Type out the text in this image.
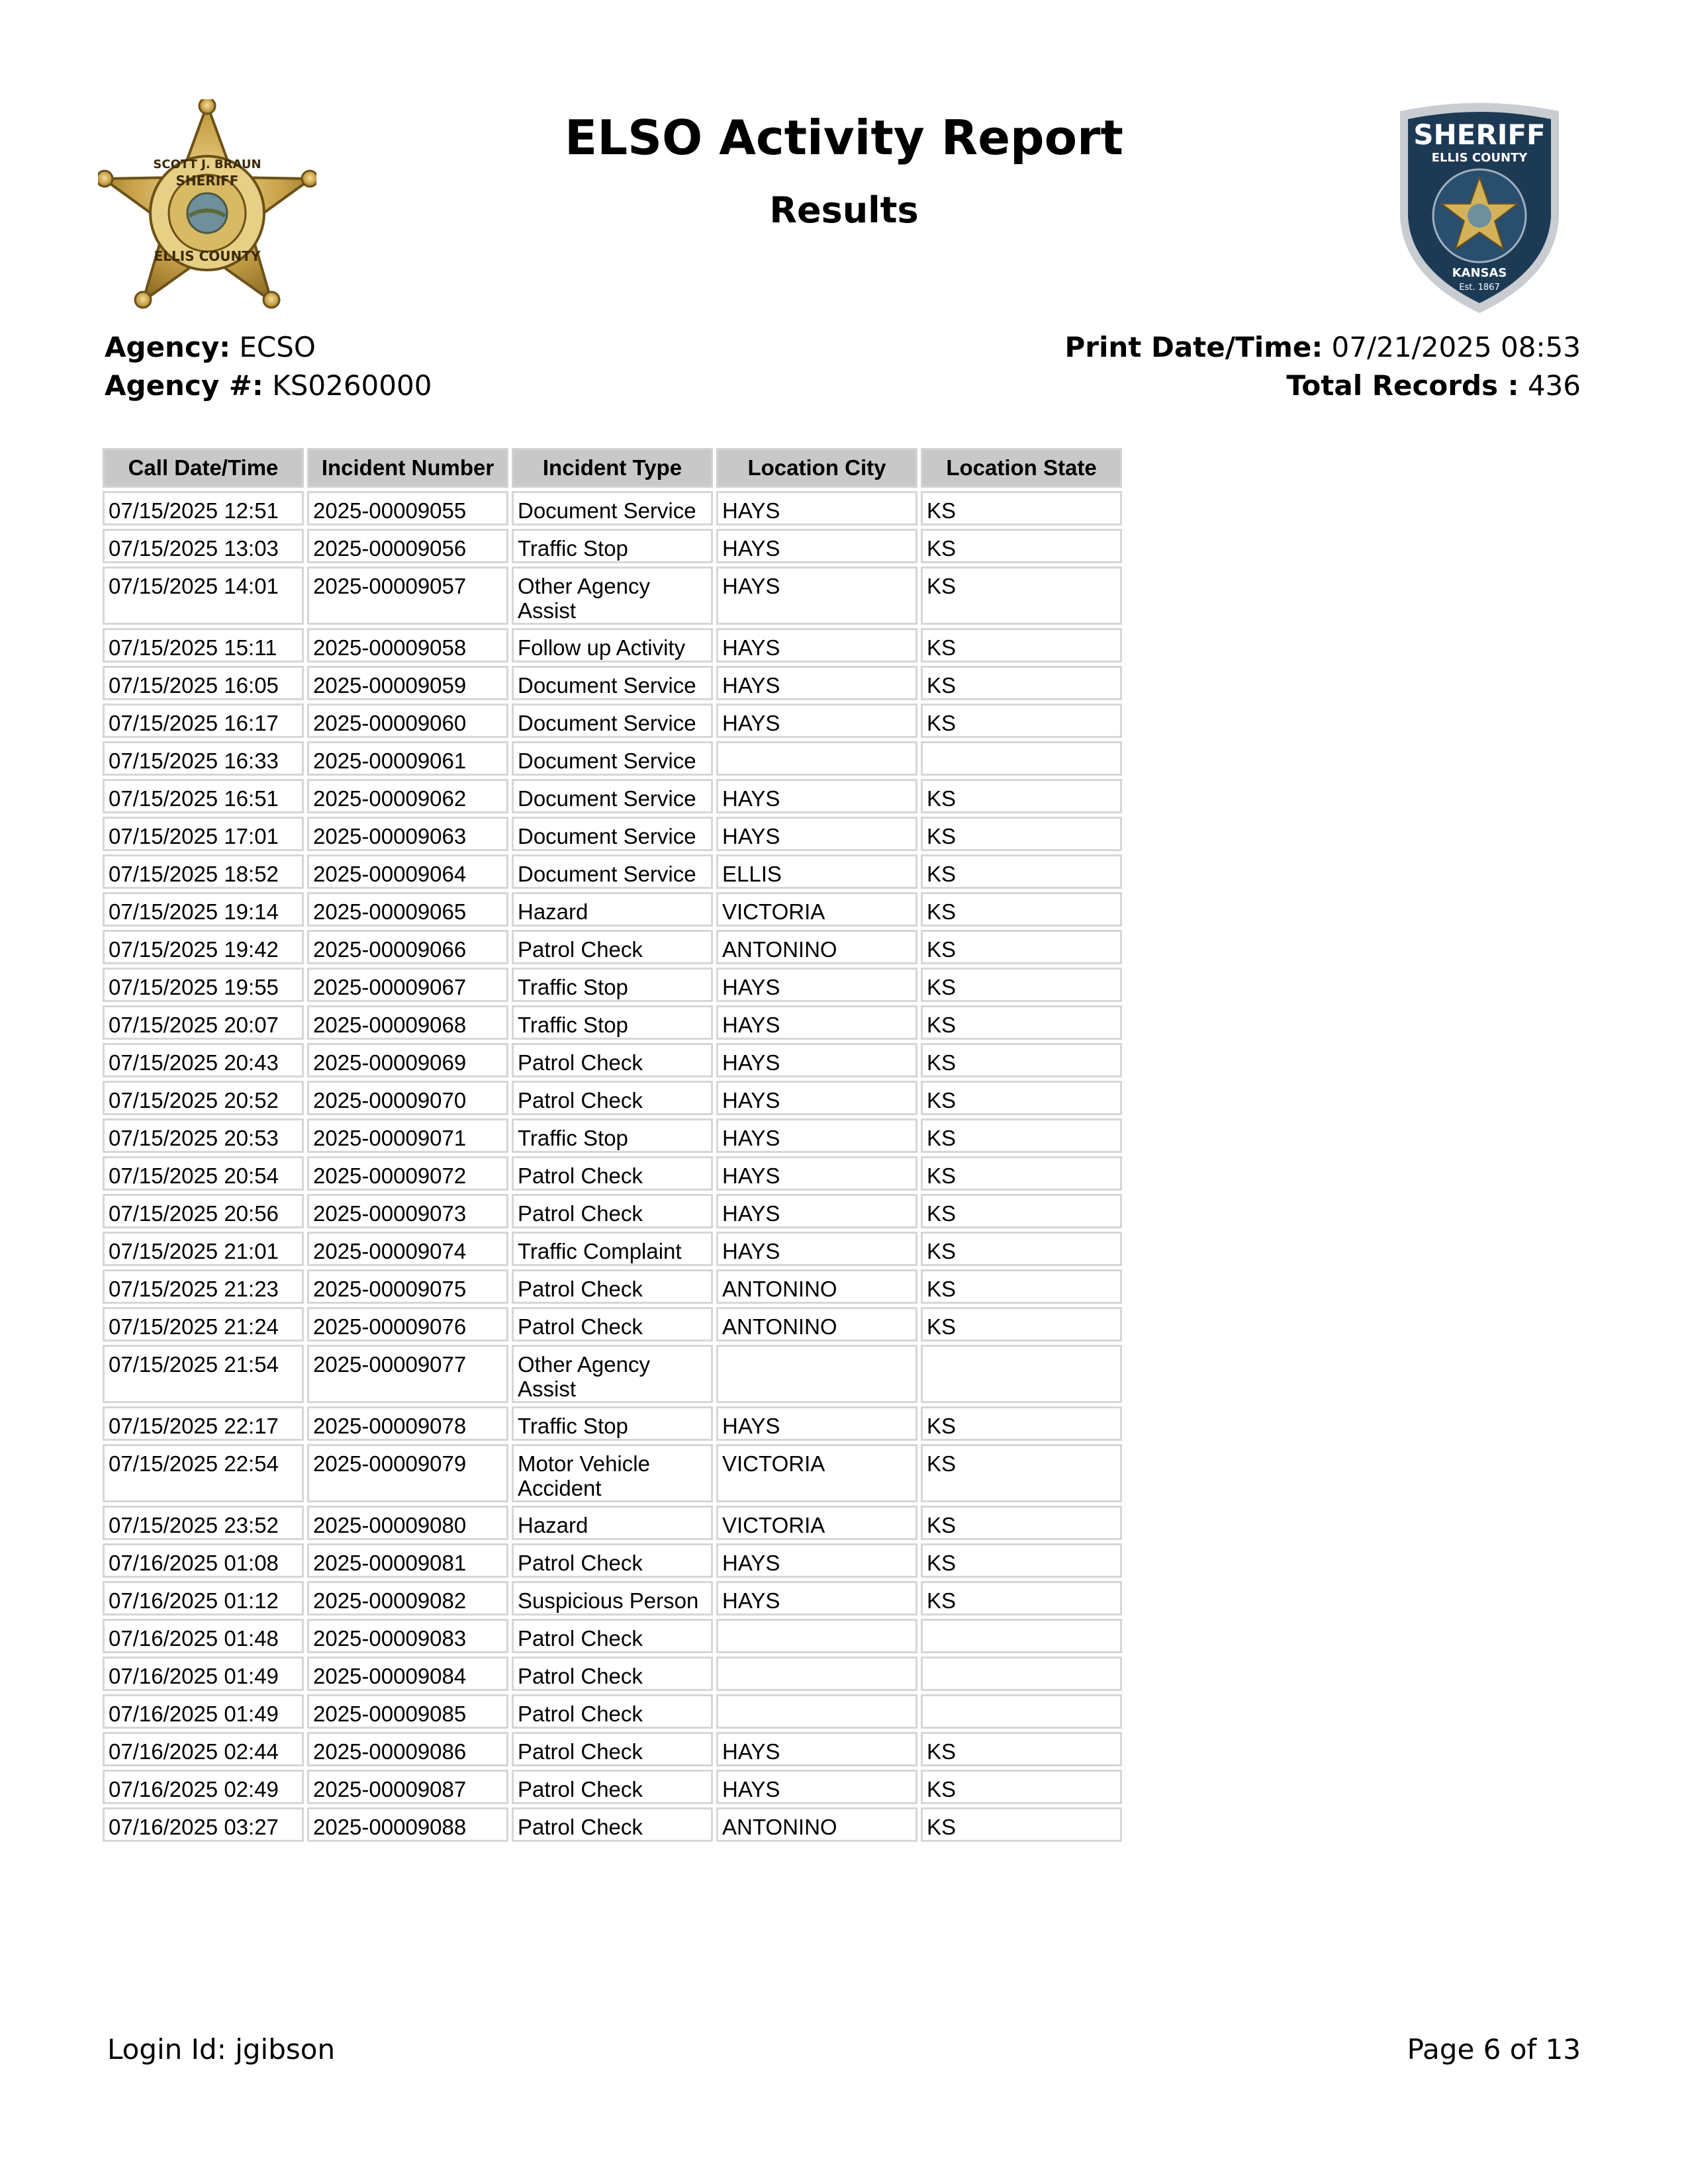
SCOTT J. BRAUN
SHERIFF
ELLIS COUNTY
SHERIFF
ELLIS COUNTY
KANSAS
Est. 1867
ELSO Activity Report
Results
Agency: ECSO
Agency #: KS0260000
Print Date/Time: 07/21/2025 08:53
Total Records : 436
Call Date/Time	Incident Number	Incident Type	Location City	Location State
07/15/2025 12:51	2025-00009055	Document Service	HAYS	KS
07/15/2025 13:03	2025-00009056	Traffic Stop	HAYS	KS
07/15/2025 14:01	2025-00009057	Other Agency Assist	HAYS	KS
07/15/2025 15:11	2025-00009058	Follow up Activity	HAYS	KS
07/15/2025 16:05	2025-00009059	Document Service	HAYS	KS
07/15/2025 16:17	2025-00009060	Document Service	HAYS	KS
07/15/2025 16:33	2025-00009061	Document Service		
07/15/2025 16:51	2025-00009062	Document Service	HAYS	KS
07/15/2025 17:01	2025-00009063	Document Service	HAYS	KS
07/15/2025 18:52	2025-00009064	Document Service	ELLIS	KS
07/15/2025 19:14	2025-00009065	Hazard	VICTORIA	KS
07/15/2025 19:42	2025-00009066	Patrol Check	ANTONINO	KS
07/15/2025 19:55	2025-00009067	Traffic Stop	HAYS	KS
07/15/2025 20:07	2025-00009068	Traffic Stop	HAYS	KS
07/15/2025 20:43	2025-00009069	Patrol Check	HAYS	KS
07/15/2025 20:52	2025-00009070	Patrol Check	HAYS	KS
07/15/2025 20:53	2025-00009071	Traffic Stop	HAYS	KS
07/15/2025 20:54	2025-00009072	Patrol Check	HAYS	KS
07/15/2025 20:56	2025-00009073	Patrol Check	HAYS	KS
07/15/2025 21:01	2025-00009074	Traffic Complaint	HAYS	KS
07/15/2025 21:23	2025-00009075	Patrol Check	ANTONINO	KS
07/15/2025 21:24	2025-00009076	Patrol Check	ANTONINO	KS
07/15/2025 21:54	2025-00009077	Other Agency Assist		
07/15/2025 22:17	2025-00009078	Traffic Stop	HAYS	KS
07/15/2025 22:54	2025-00009079	Motor Vehicle Accident	VICTORIA	KS
07/15/2025 23:52	2025-00009080	Hazard	VICTORIA	KS
07/16/2025 01:08	2025-00009081	Patrol Check	HAYS	KS
07/16/2025 01:12	2025-00009082	Suspicious Person	HAYS	KS
07/16/2025 01:48	2025-00009083	Patrol Check		
07/16/2025 01:49	2025-00009084	Patrol Check		
07/16/2025 01:49	2025-00009085	Patrol Check		
07/16/2025 02:44	2025-00009086	Patrol Check	HAYS	KS
07/16/2025 02:49	2025-00009087	Patrol Check	HAYS	KS
07/16/2025 03:27	2025-00009088	Patrol Check	ANTONINO	KS
Login Id: jgibson	Page 6 of 13
